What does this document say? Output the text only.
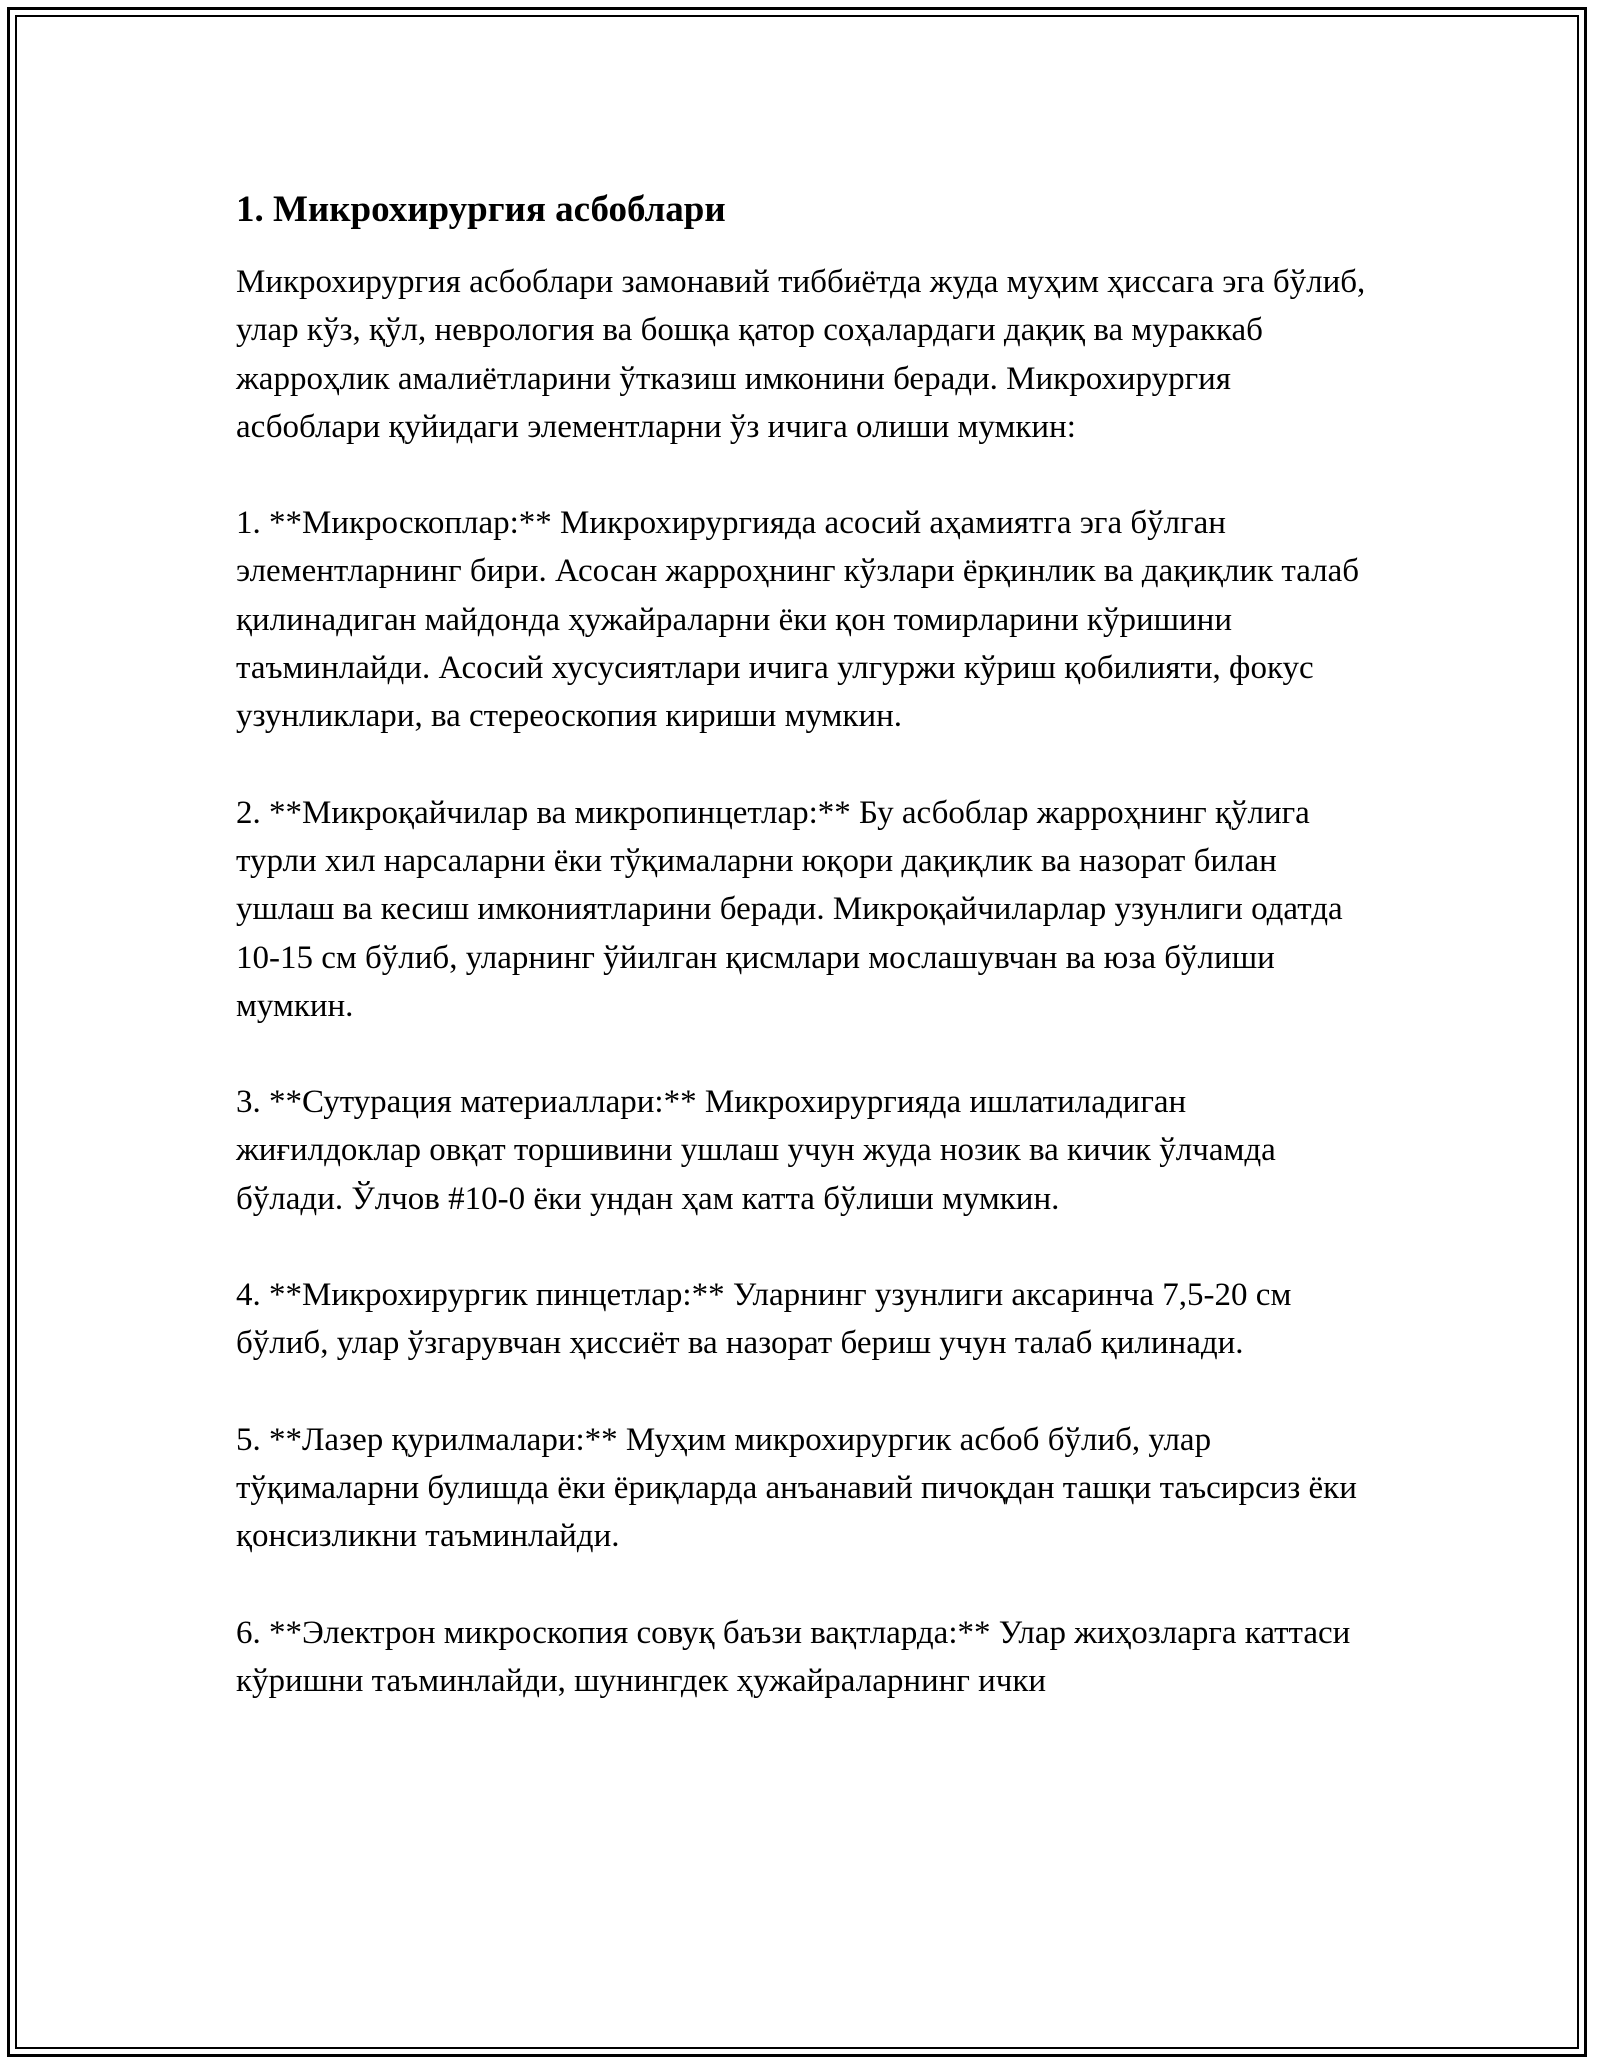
1. Микрохирургия асбоблари

Микрохирургия асбоблари замонавий тиббиётда жуда муҳим ҳиссага эга бўлиб, улар кўз, қўл, неврология ва бошқа қатор соҳалардаги дақиқ ва мураккаб жарроҳлик амалиётларини ўтказиш имконини беради. Микрохирургия асбоблари қуйидаги элементларни ўз ичига олиши мумкин:

1. **Микроскоплар:** Микрохирургияда асосий аҳамиятга эга бўлган элементларнинг бири. Асосан жарроҳнинг кўзлари ёрқинлик ва дақиқлик талаб қилинадиган майдонда ҳужайраларни ёки қон томирларини кўришини таъминлайди. Асосий хусусиятлари ичига улгуржи кўриш қобилияти, фокус узунликлари, ва стереоскопия кириши мумкин.

2. **Микроқайчилар ва микропинцетлар:** Бу асбоблар жарроҳнинг қўлига турли хил нарсаларни ёки тўқималарни юқори дақиқлик ва назорат билан ушлаш ва кесиш имкониятларини беради. Микроқайчиларлар узунлиги одатда 10-15 см бўлиб, уларнинг ўйилган қисмлари мослашувчан ва юза бўлиши мумкин.

3. **Сутурация материаллари:** Микрохирургияда ишлатиладиган жиғилдоклар овқат торшивини ушлаш учун жуда нозик ва кичик ўлчамда бўлади. Ўлчов #10-0 ёки ундан ҳам катта бўлиши мумкин.

4. **Микрохирургик пинцетлар:** Уларнинг узунлиги аксаринча 7,5-20 см бўлиб, улар ўзгарувчан ҳиссиёт ва назорат бериш учун талаб қилинади.

5. **Лазер қурилмалари:** Муҳим микрохирургик асбоб бўлиб, улар тўқималарни булишда ёки ёриқларда анъанавий пичоқдан ташқи таъсирсиз ёки қонсизликни таъминлайди.

6. **Электрон микроскопия совуқ баъзи вақтларда:** Улар жиҳозларга каттаси кўришни таъминлайди, шунингдек ҳужайраларнинг ички
